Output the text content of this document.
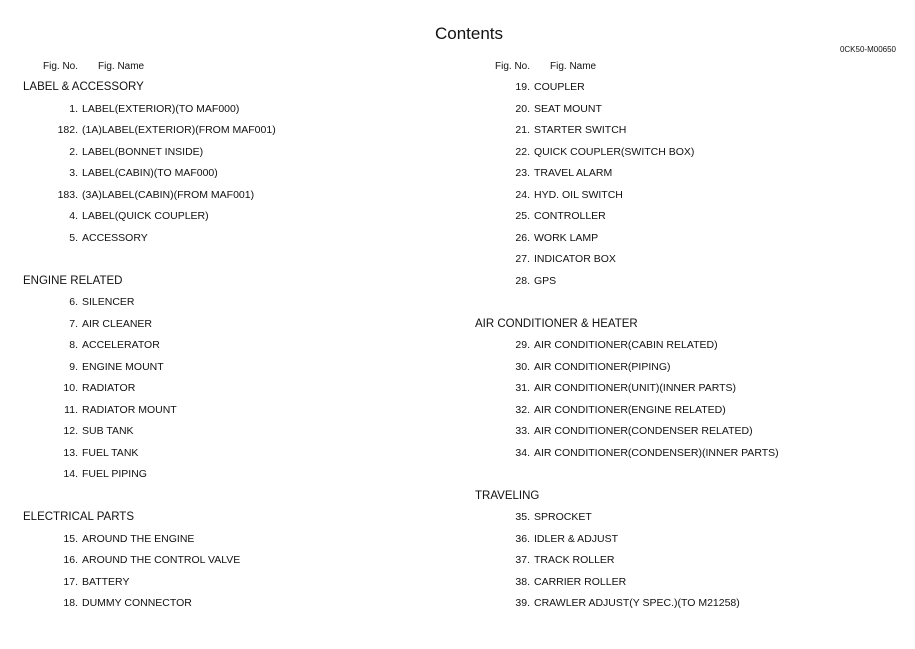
Contents
0CK50-M00650
Fig. No. Fig. Name	Fig. No. Fig. Name
LABEL & ACCESSORY
1. LABEL(EXTERIOR)(TO MAF000)
182. (1A)LABEL(EXTERIOR)(FROM MAF001)
2. LABEL(BONNET INSIDE)
3. LABEL(CABIN)(TO MAF000)
183. (3A)LABEL(CABIN)(FROM MAF001)
4. LABEL(QUICK COUPLER)
5. ACCESSORY
ENGINE RELATED
6. SILENCER
7. AIR CLEANER
8. ACCELERATOR
9. ENGINE MOUNT
10. RADIATOR
11. RADIATOR MOUNT
12. SUB TANK
13. FUEL TANK
14. FUEL PIPING
ELECTRICAL PARTS
15. AROUND THE ENGINE
16. AROUND THE CONTROL VALVE
17. BATTERY
18. DUMMY CONNECTOR
19. COUPLER
20. SEAT MOUNT
21. STARTER SWITCH
22. QUICK COUPLER(SWITCH BOX)
23. TRAVEL ALARM
24. HYD. OIL SWITCH
25. CONTROLLER
26. WORK LAMP
27. INDICATOR BOX
28. GPS
AIR CONDITIONER & HEATER
29. AIR CONDITIONER(CABIN RELATED)
30. AIR CONDITIONER(PIPING)
31. AIR CONDITIONER(UNIT)(INNER PARTS)
32. AIR CONDITIONER(ENGINE RELATED)
33. AIR CONDITIONER(CONDENSER RELATED)
34. AIR CONDITIONER(CONDENSER)(INNER PARTS)
TRAVELING
35. SPROCKET
36. IDLER & ADJUST
37. TRACK ROLLER
38. CARRIER ROLLER
39. CRAWLER ADJUST(Y SPEC.)(TO M21258)
